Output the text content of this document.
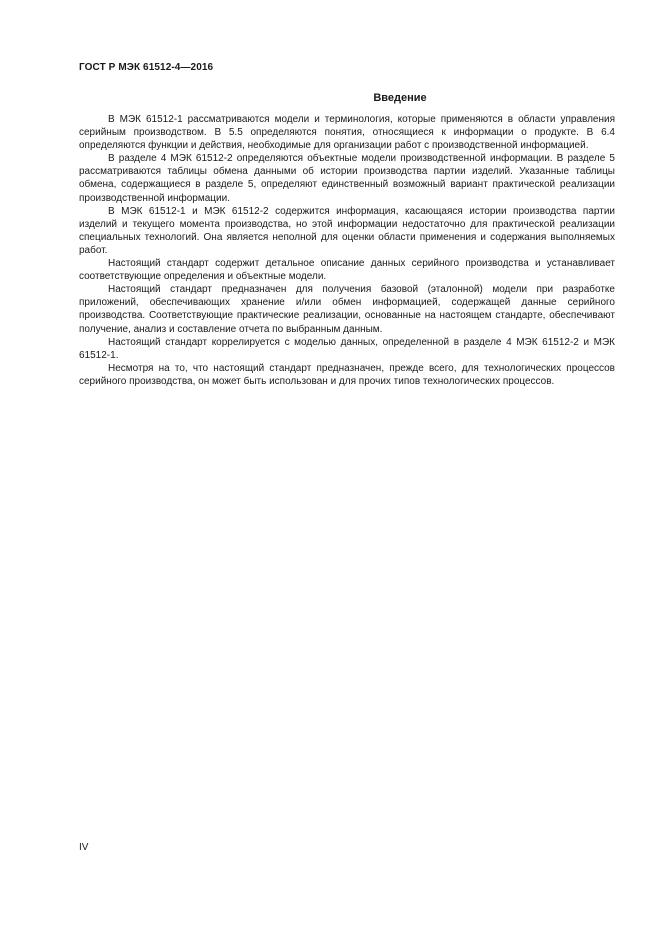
ГОСТ Р МЭК 61512-4—2016
Введение

В МЭК 61512-1 рассматриваются модели и терминология, которые применяются в области управления серийным производством. В 5.5 определяются понятия, относящиеся к информации о продукте. В 6.4 определяются функции и действия, необходимые для организации работ с производственной информацией.

В разделе 4 МЭК 61512-2 определяются объектные модели производственной информации. В разделе 5 рассматриваются таблицы обмена данными об истории производства партии изделий. Указанные таблицы обмена, содержащиеся в разделе 5, определяют единственный возможный вариант практической реализации производственной информации.

В МЭК 61512-1 и МЭК 61512-2 содержится информация, касающаяся истории производства партии изделий и текущего момента производства, но этой информации недостаточно для практической реализации специальных технологий. Она является неполной для оценки области применения и содержания выполняемых работ.

Настоящий стандарт содержит детальное описание данных серийного производства и устанавливает соответствующие определения и объектные модели.

Настоящий стандарт предназначен для получения базовой (эталонной) модели при разработке приложений, обеспечивающих хранение и/или обмен информацией, содержащей данные серийного производства. Соответствующие практические реализации, основанные на настоящем стандарте, обеспечивают получение, анализ и составление отчета по выбранным данным.

Настоящий стандарт коррелируется с моделью данных, определенной в разделе 4 МЭК 61512-2 и МЭК 61512-1.

Несмотря на то, что настоящий стандарт предназначен, прежде всего, для технологических процессов серийного производства, он может быть использован и для прочих типов технологических процессов.

IV
